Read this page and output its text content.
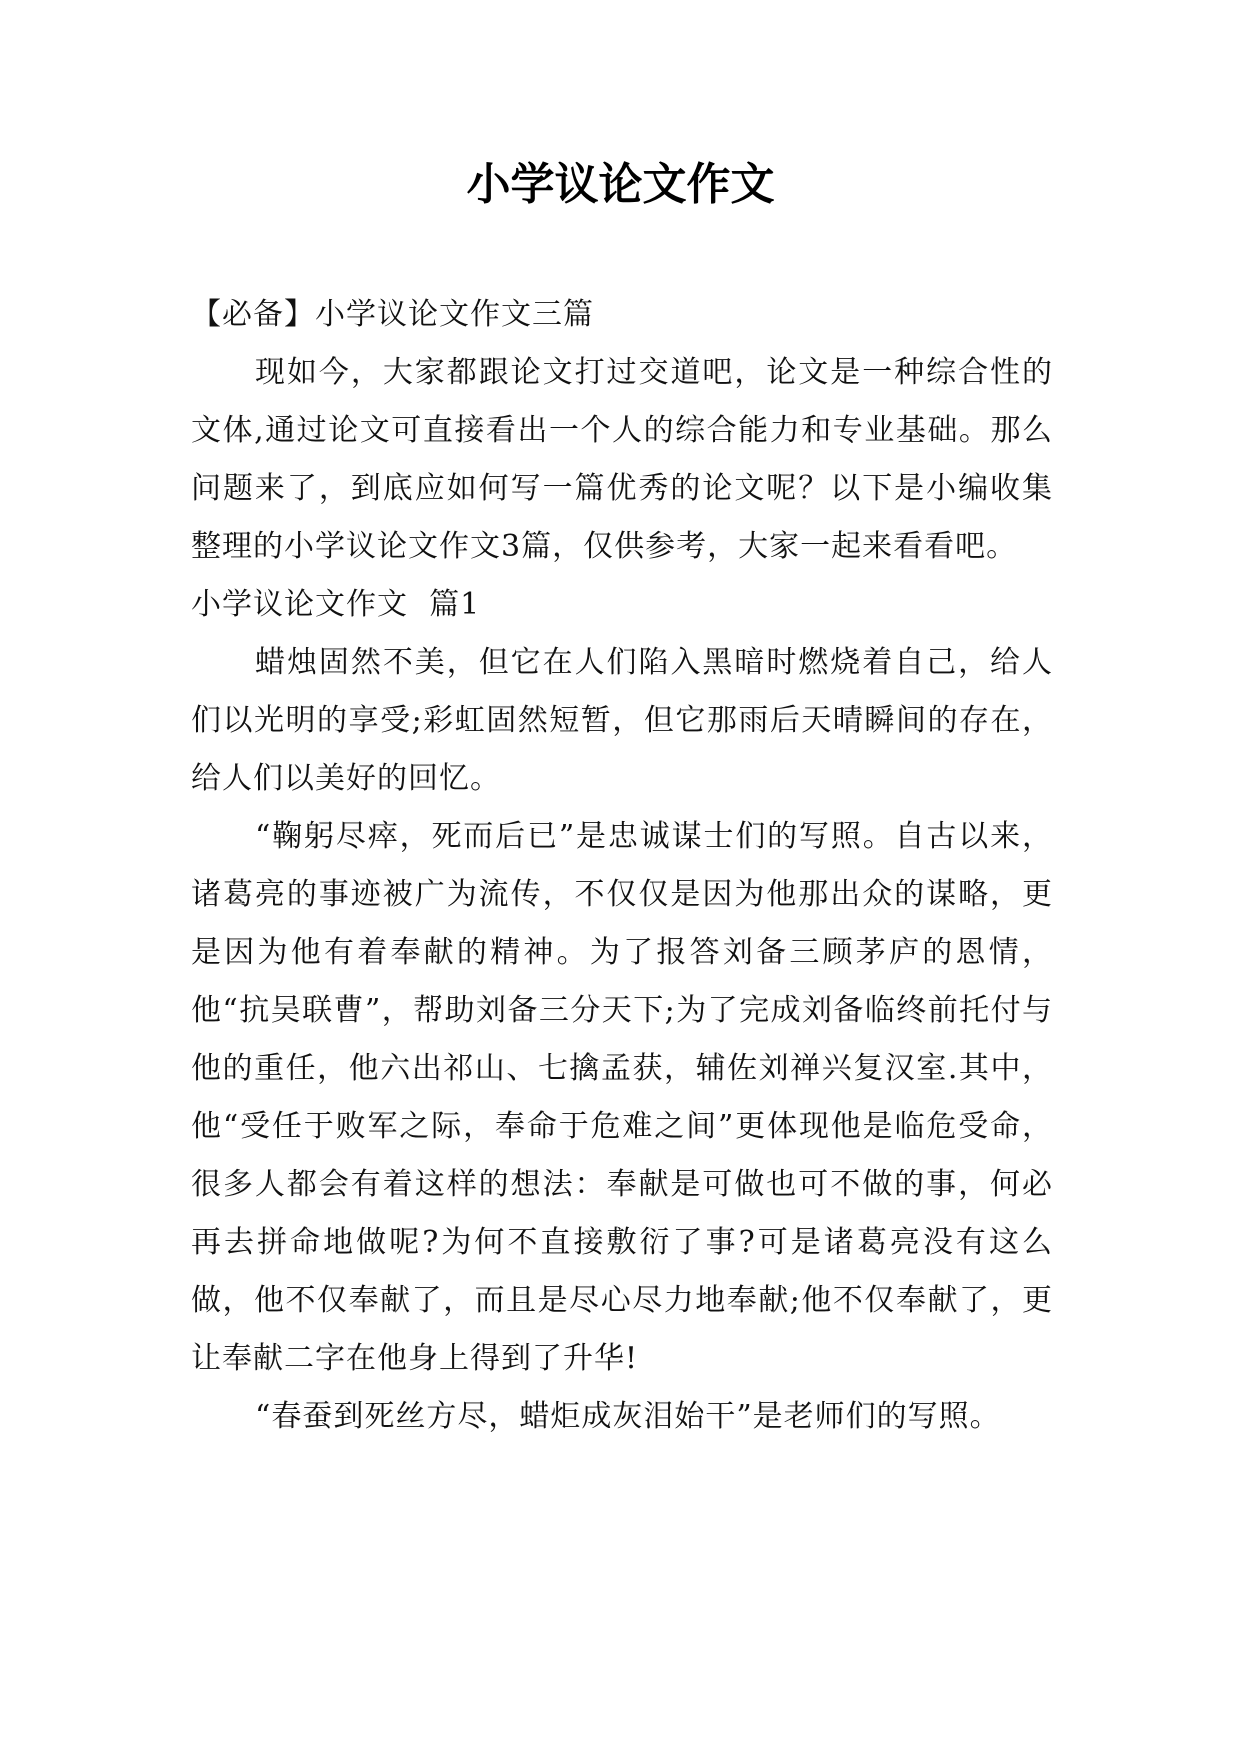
小学议论文作文
【必备】小学议论文作文三篇

现如今，大家都跟论文打过交道吧，论文是一种综合性的文体,通过论文可直接看出一个人的综合能力和专业基础。那么问题来了，到底应如何写一篇优秀的论文呢？以下是小编收集整理的小学议论文作文3篇，仅供参考，大家一起来看看吧。

小学议论文作文  篇1

蜡烛固然不美，但它在人们陷入黑暗时燃烧着自己，给人们以光明的享受;彩虹固然短暂，但它那雨后天晴瞬间的存在，给人们以美好的回忆。

“鞠躬尽瘁，死而后已”是忠诚谋士们的写照。自古以来，诸葛亮的事迹被广为流传，不仅仅是因为他那出众的谋略，更是因为他有着奉献的精神。为了报答刘备三顾茅庐的恩情，他“抗吴联曹”，帮助刘备三分天下;为了完成刘备临终前托付与他的重任，他六出祁山、七擒孟获，辅佐刘禅兴复汉室.其中，他“受任于败军之际，奉命于危难之间”更体现他是临危受命，很多人都会有着这样的想法：奉献是可做也可不做的事，何必再去拼命地做呢?为何不直接敷衍了事?可是诸葛亮没有这么做，他不仅奉献了，而且是尽心尽力地奉献;他不仅奉献了，更让奉献二字在他身上得到了升华!

“春蚕到死丝方尽，蜡炬成灰泪始干”是老师们的写照。
